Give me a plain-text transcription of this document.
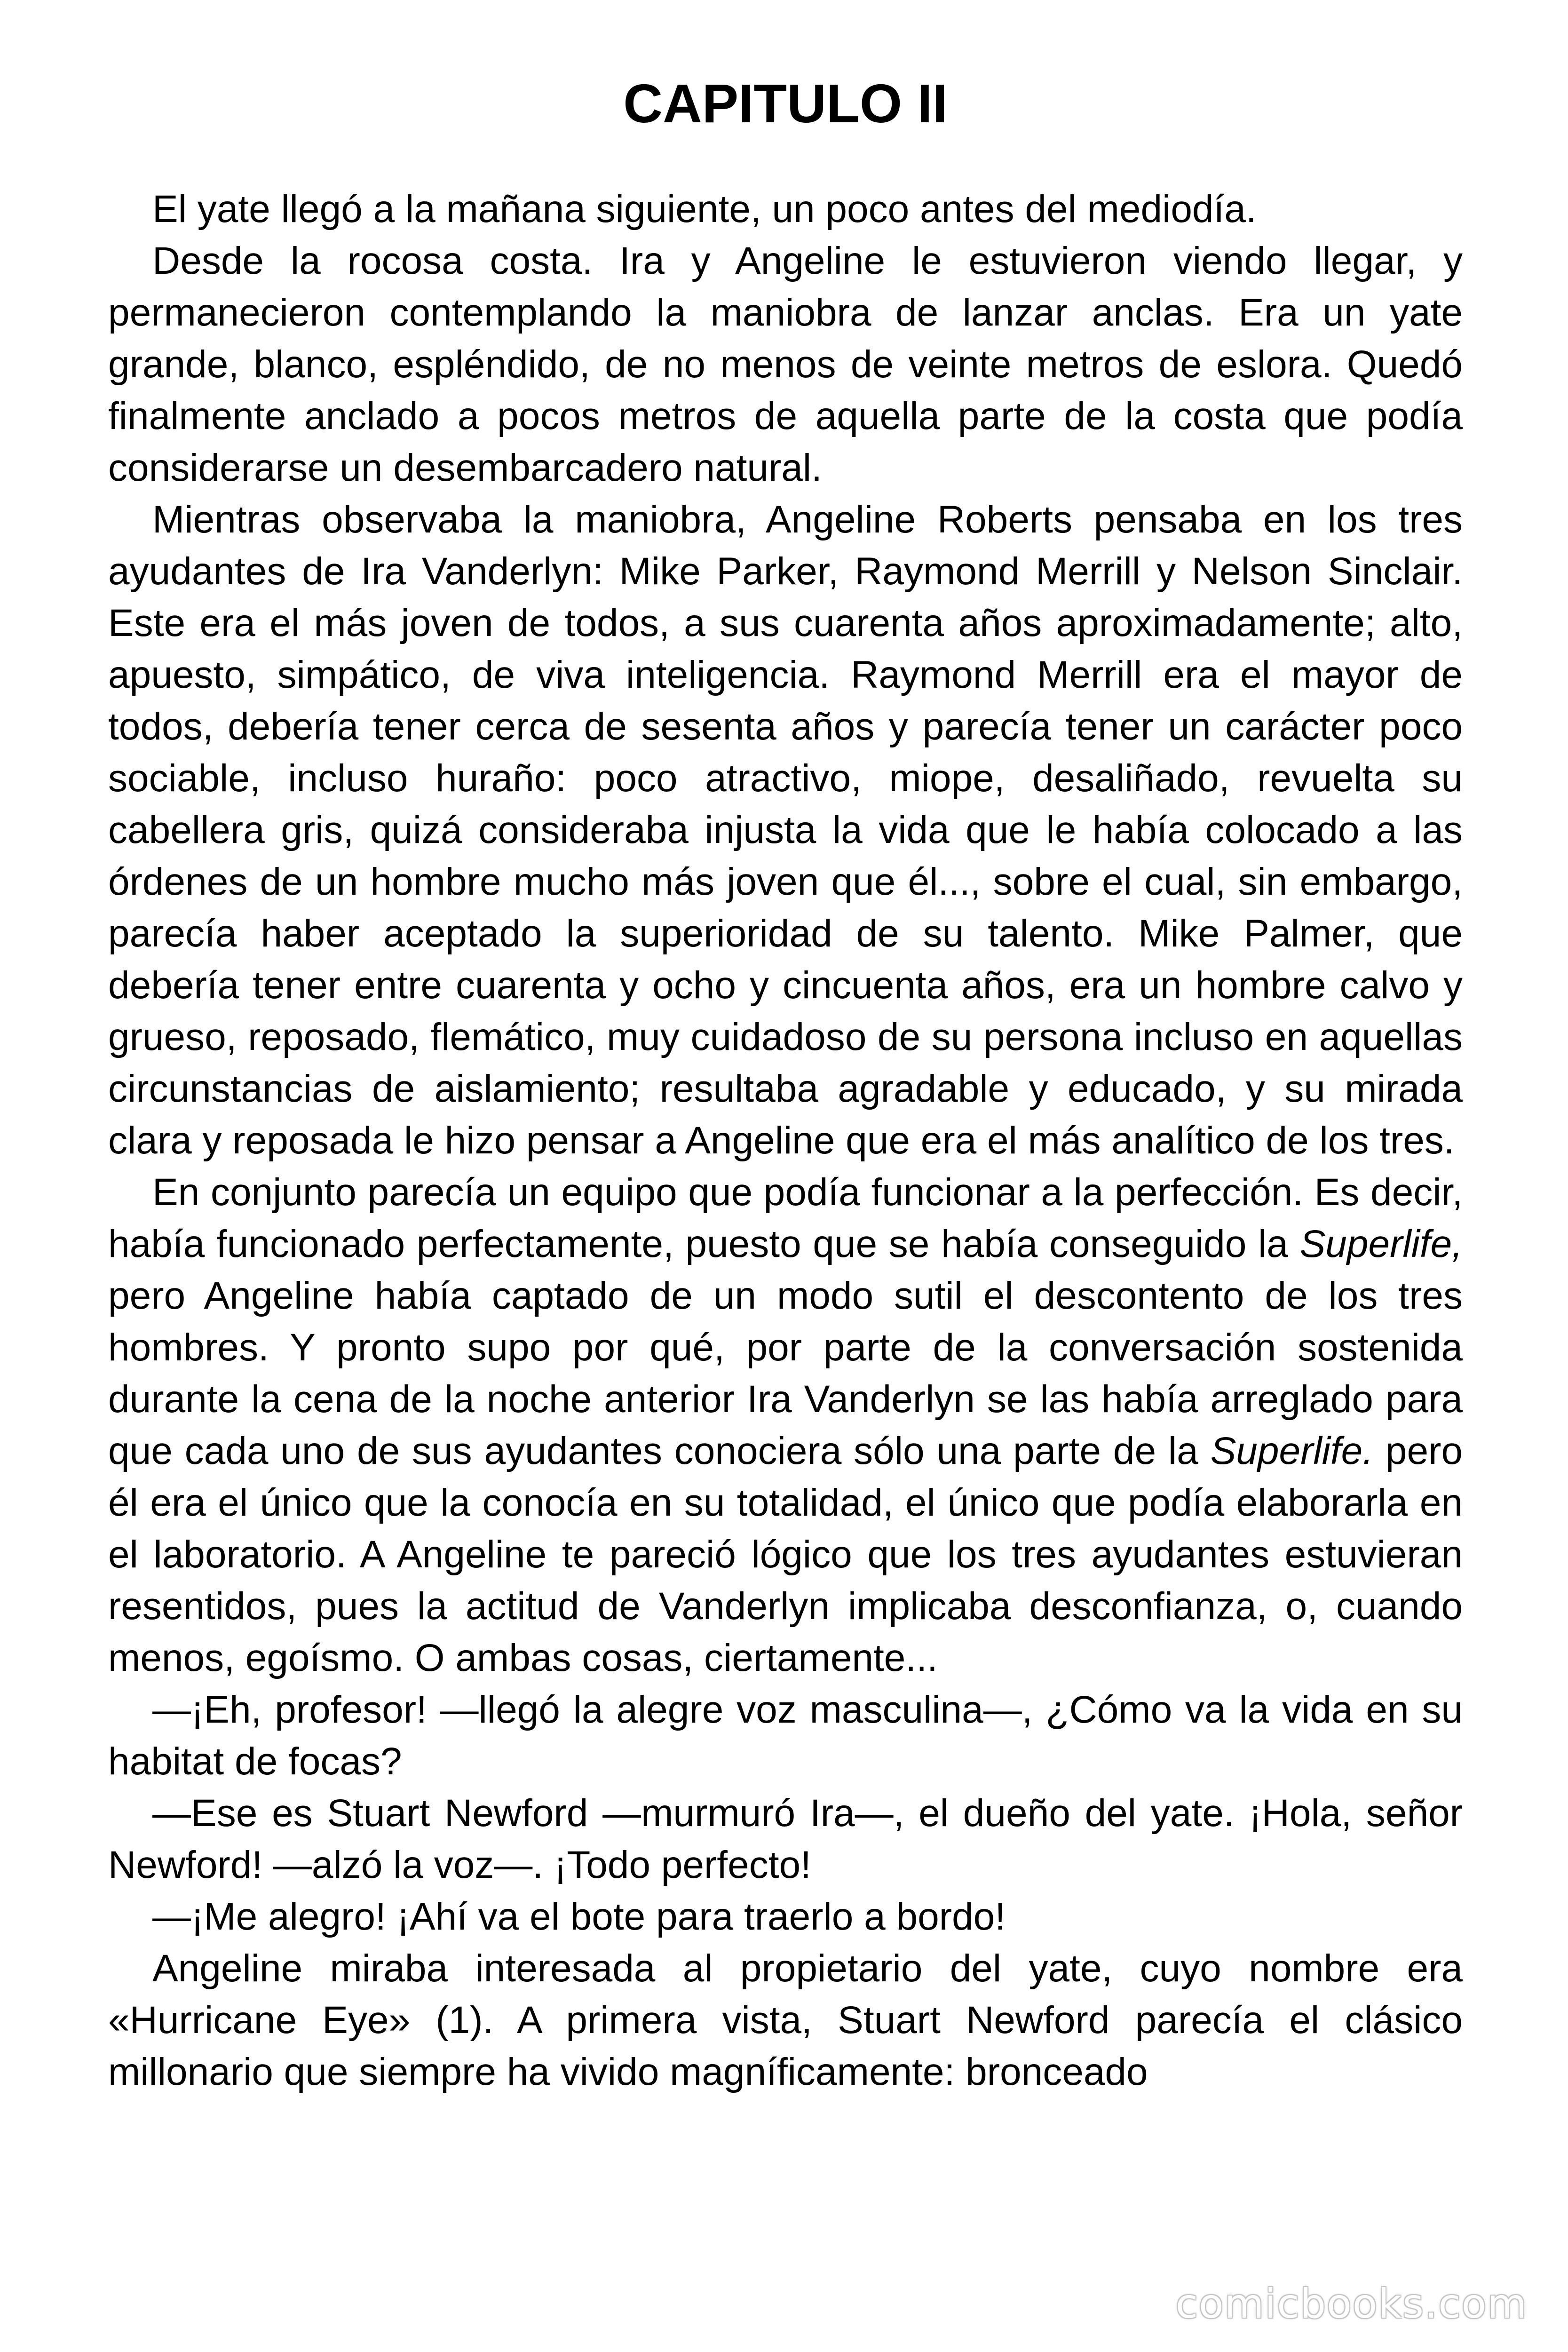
CAPITULO II

El yate llegó a la mañana siguiente, un poco antes del mediodía.

Desde la rocosa costa. Ira y Angeline le estuvieron viendo llegar, y permanecieron contemplando la maniobra de lanzar anclas. Era un yate grande, blanco, espléndido, de no menos de veinte metros de eslora. Quedó finalmente anclado a pocos metros de aquella parte de la costa que podía considerarse un desembarcadero natural.

Mientras observaba la maniobra, Angeline Roberts pensaba en los tres ayudantes de Ira Vanderlyn: Mike Parker, Raymond Merrill y Nelson Sinclair. Este era el más joven de todos, a sus cuarenta años aproximadamente; alto, apuesto, simpático, de viva inteligencia. Raymond Merrill era el mayor de todos, debería tener cerca de sesenta años y parecía tener un carácter poco sociable, incluso huraño: poco atractivo, miope, desaliñado, revuelta su cabellera gris, quizá consideraba injusta la vida que le había colocado a las órdenes de un hombre mucho más joven que él..., sobre el cual, sin embargo, parecía haber aceptado la superioridad de su talento. Mike Palmer, que debería tener entre cuarenta y ocho y cincuenta años, era un hombre calvo y grueso, reposado, flemático, muy cuidadoso de su persona incluso en aquellas circunstancias de aislamiento; resultaba agradable y educado, y su mirada clara y reposada le hizo pensar a Angeline que era el más analítico de los tres.

En conjunto parecía un equipo que podía funcionar a la perfección. Es decir, había funcionado perfectamente, puesto que se había conseguido la Superlife, pero Angeline había captado de un modo sutil el descontento de los tres hombres. Y pronto supo por qué, por parte de la conversación sostenida durante la cena de la noche anterior Ira Vanderlyn se las había arreglado para que cada uno de sus ayudantes conociera sólo una parte de la Superlife. pero él era el único que la conocía en su totalidad, el único que podía elaborarla en el laboratorio. A Angeline te pareció lógico que los tres ayudantes estuvieran resentidos, pues la actitud de Vanderlyn implicaba desconfianza, o, cuando menos, egoísmo. O ambas cosas, ciertamente...

—¡Eh, profesor! —llegó la alegre voz masculina—, ¿Cómo va la vida en su habitat de focas?

—Ese es Stuart Newford —murmuró Ira—, el dueño del yate. ¡Hola, señor Newford! —alzó la voz—. ¡Todo perfecto!

—¡Me alegro! ¡Ahí va el bote para traerlo a bordo!

Angeline miraba interesada al propietario del yate, cuyo nombre era «Hurricane Eye» (1). A primera vista, Stuart Newford parecía el clásico millonario que siempre ha vivido magníficamente: bronceado

comicbooks.com
